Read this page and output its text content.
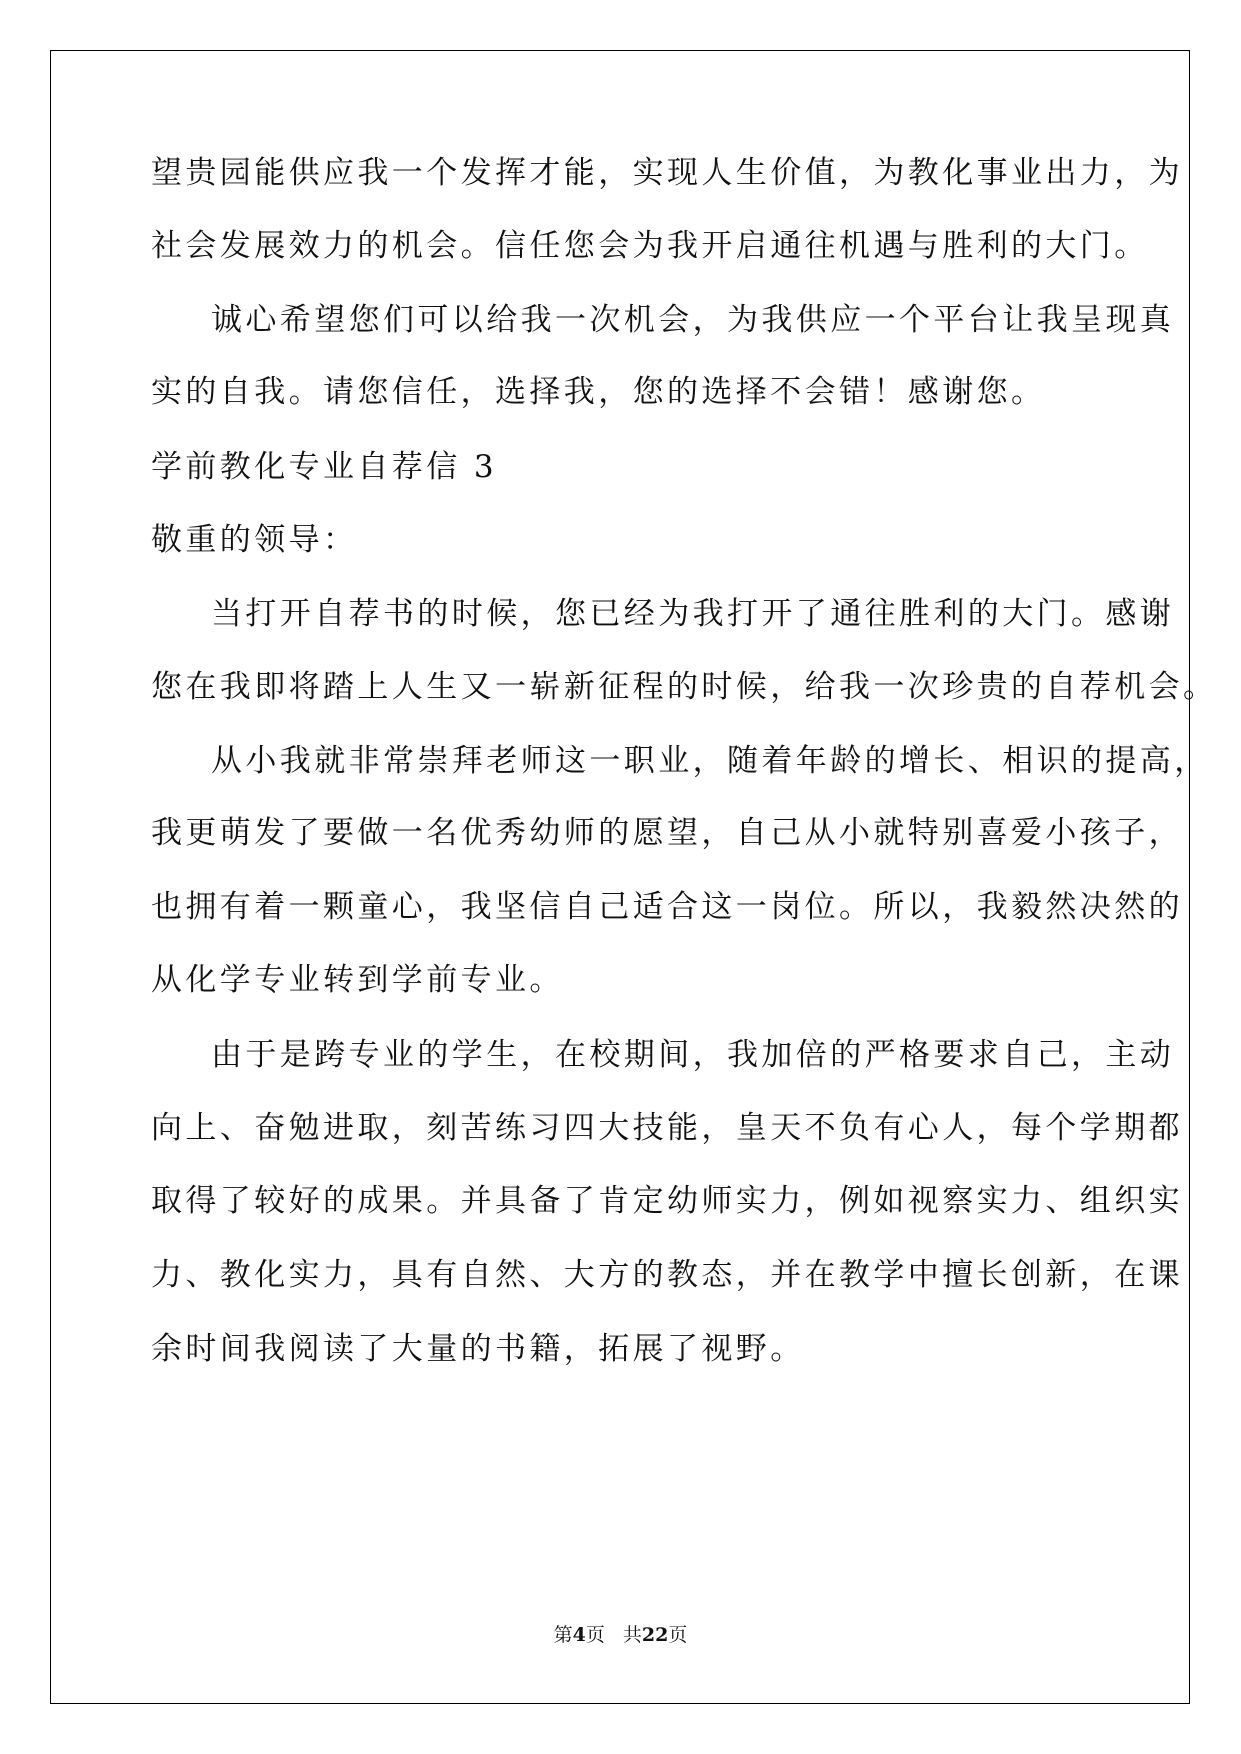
望贵园能供应我一个发挥才能，实现人生价值，为教化事业出力，为

社会发展效力的机会。信任您会为我开启通往机遇与胜利的大门。

诚心希望您们可以给我一次机会，为我供应一个平台让我呈现真

实的自我。请您信任，选择我，您的选择不会错！感谢您。

学前教化专业自荐信 3

敬重的领导：

当打开自荐书的时候，您已经为我打开了通往胜利的大门。感谢

您在我即将踏上人生又一崭新征程的时候，给我一次珍贵的自荐机会。

从小我就非常崇拜老师这一职业，随着年龄的增长、相识的提高，

我更萌发了要做一名优秀幼师的愿望，自己从小就特别喜爱小孩子，

也拥有着一颗童心，我坚信自己适合这一岗位。所以，我毅然决然的

从化学专业转到学前专业。

由于是跨专业的学生，在校期间，我加倍的严格要求自己，主动

向上、奋勉进取，刻苦练习四大技能，皇天不负有心人，每个学期都

取得了较好的成果。并具备了肯定幼师实力，例如视察实力、组织实

力、教化实力，具有自然、大方的教态，并在教学中擅长创新，在课

余时间我阅读了大量的书籍，拓展了视野。

第4页 共22页
